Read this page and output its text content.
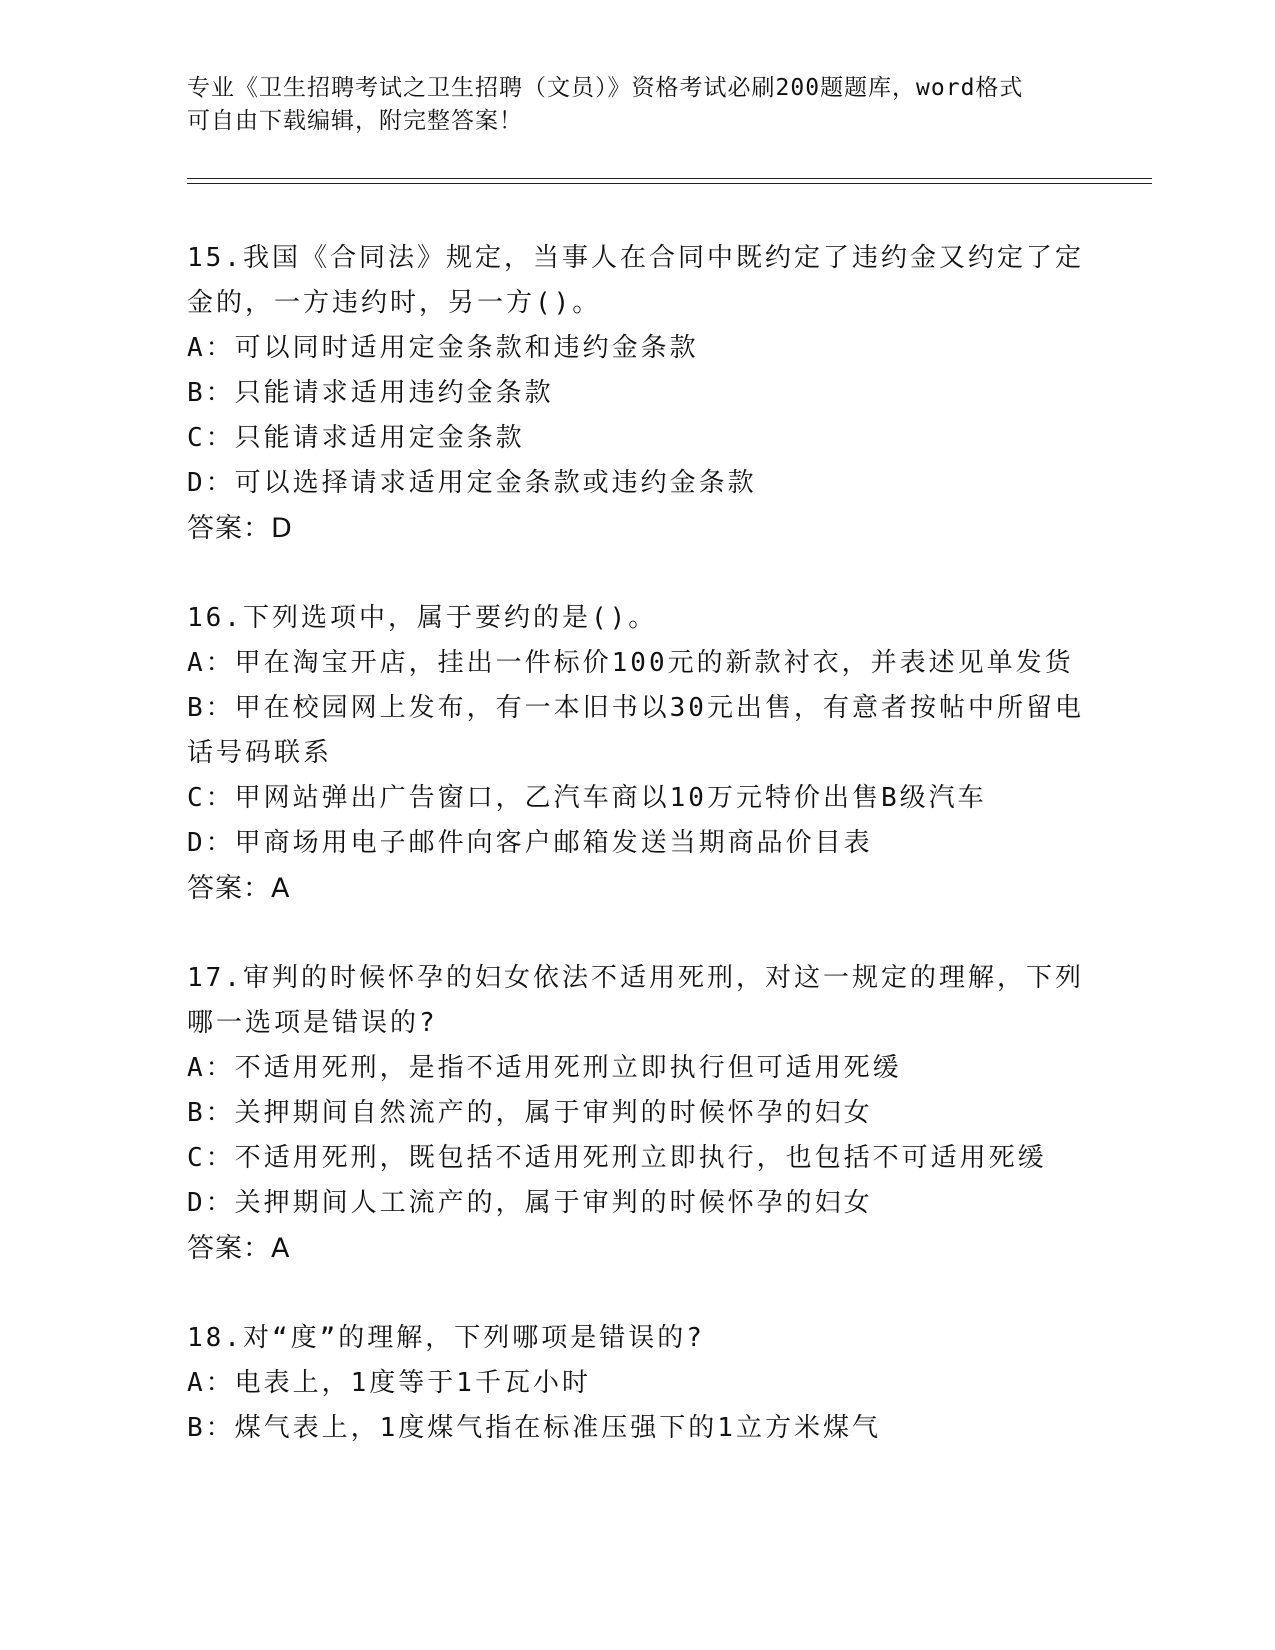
专业《卫生招聘考试之卫生招聘（文员）》资格考试必刷200题题库，word格式
可自由下载编辑，附完整答案！
15.我国《合同法》规定，当事人在合同中既约定了违约金又约定了定金的，一方违约时，另一方()。
A：可以同时适用定金条款和违约金条款
B：只能请求适用违约金条款
C：只能请求适用定金条款
D：可以选择请求适用定金条款或违约金条款
答案：D
16.下列选项中，属于要约的是()。
A：甲在淘宝开店，挂出一件标价100元的新款衬衣，并表述见单发货
B：甲在校园网上发布，有一本旧书以30元出售，有意者按帖中所留电话号码联系
C：甲网站弹出广告窗口，乙汽车商以10万元特价出售B级汽车
D：甲商场用电子邮件向客户邮箱发送当期商品价目表
答案：A
17.审判的时候怀孕的妇女依法不适用死刑，对这一规定的理解，下列哪一选项是错误的?
A：不适用死刑，是指不适用死刑立即执行但可适用死缓
B：关押期间自然流产的，属于审判的时候怀孕的妇女
C：不适用死刑，既包括不适用死刑立即执行，也包括不可适用死缓
D：关押期间人工流产的，属于审判的时候怀孕的妇女
答案：A
18.对“度”的理解，下列哪项是错误的?
A：电表上，1度等于1千瓦小时
B：煤气表上，1度煤气指在标准压强下的1立方米煤气
